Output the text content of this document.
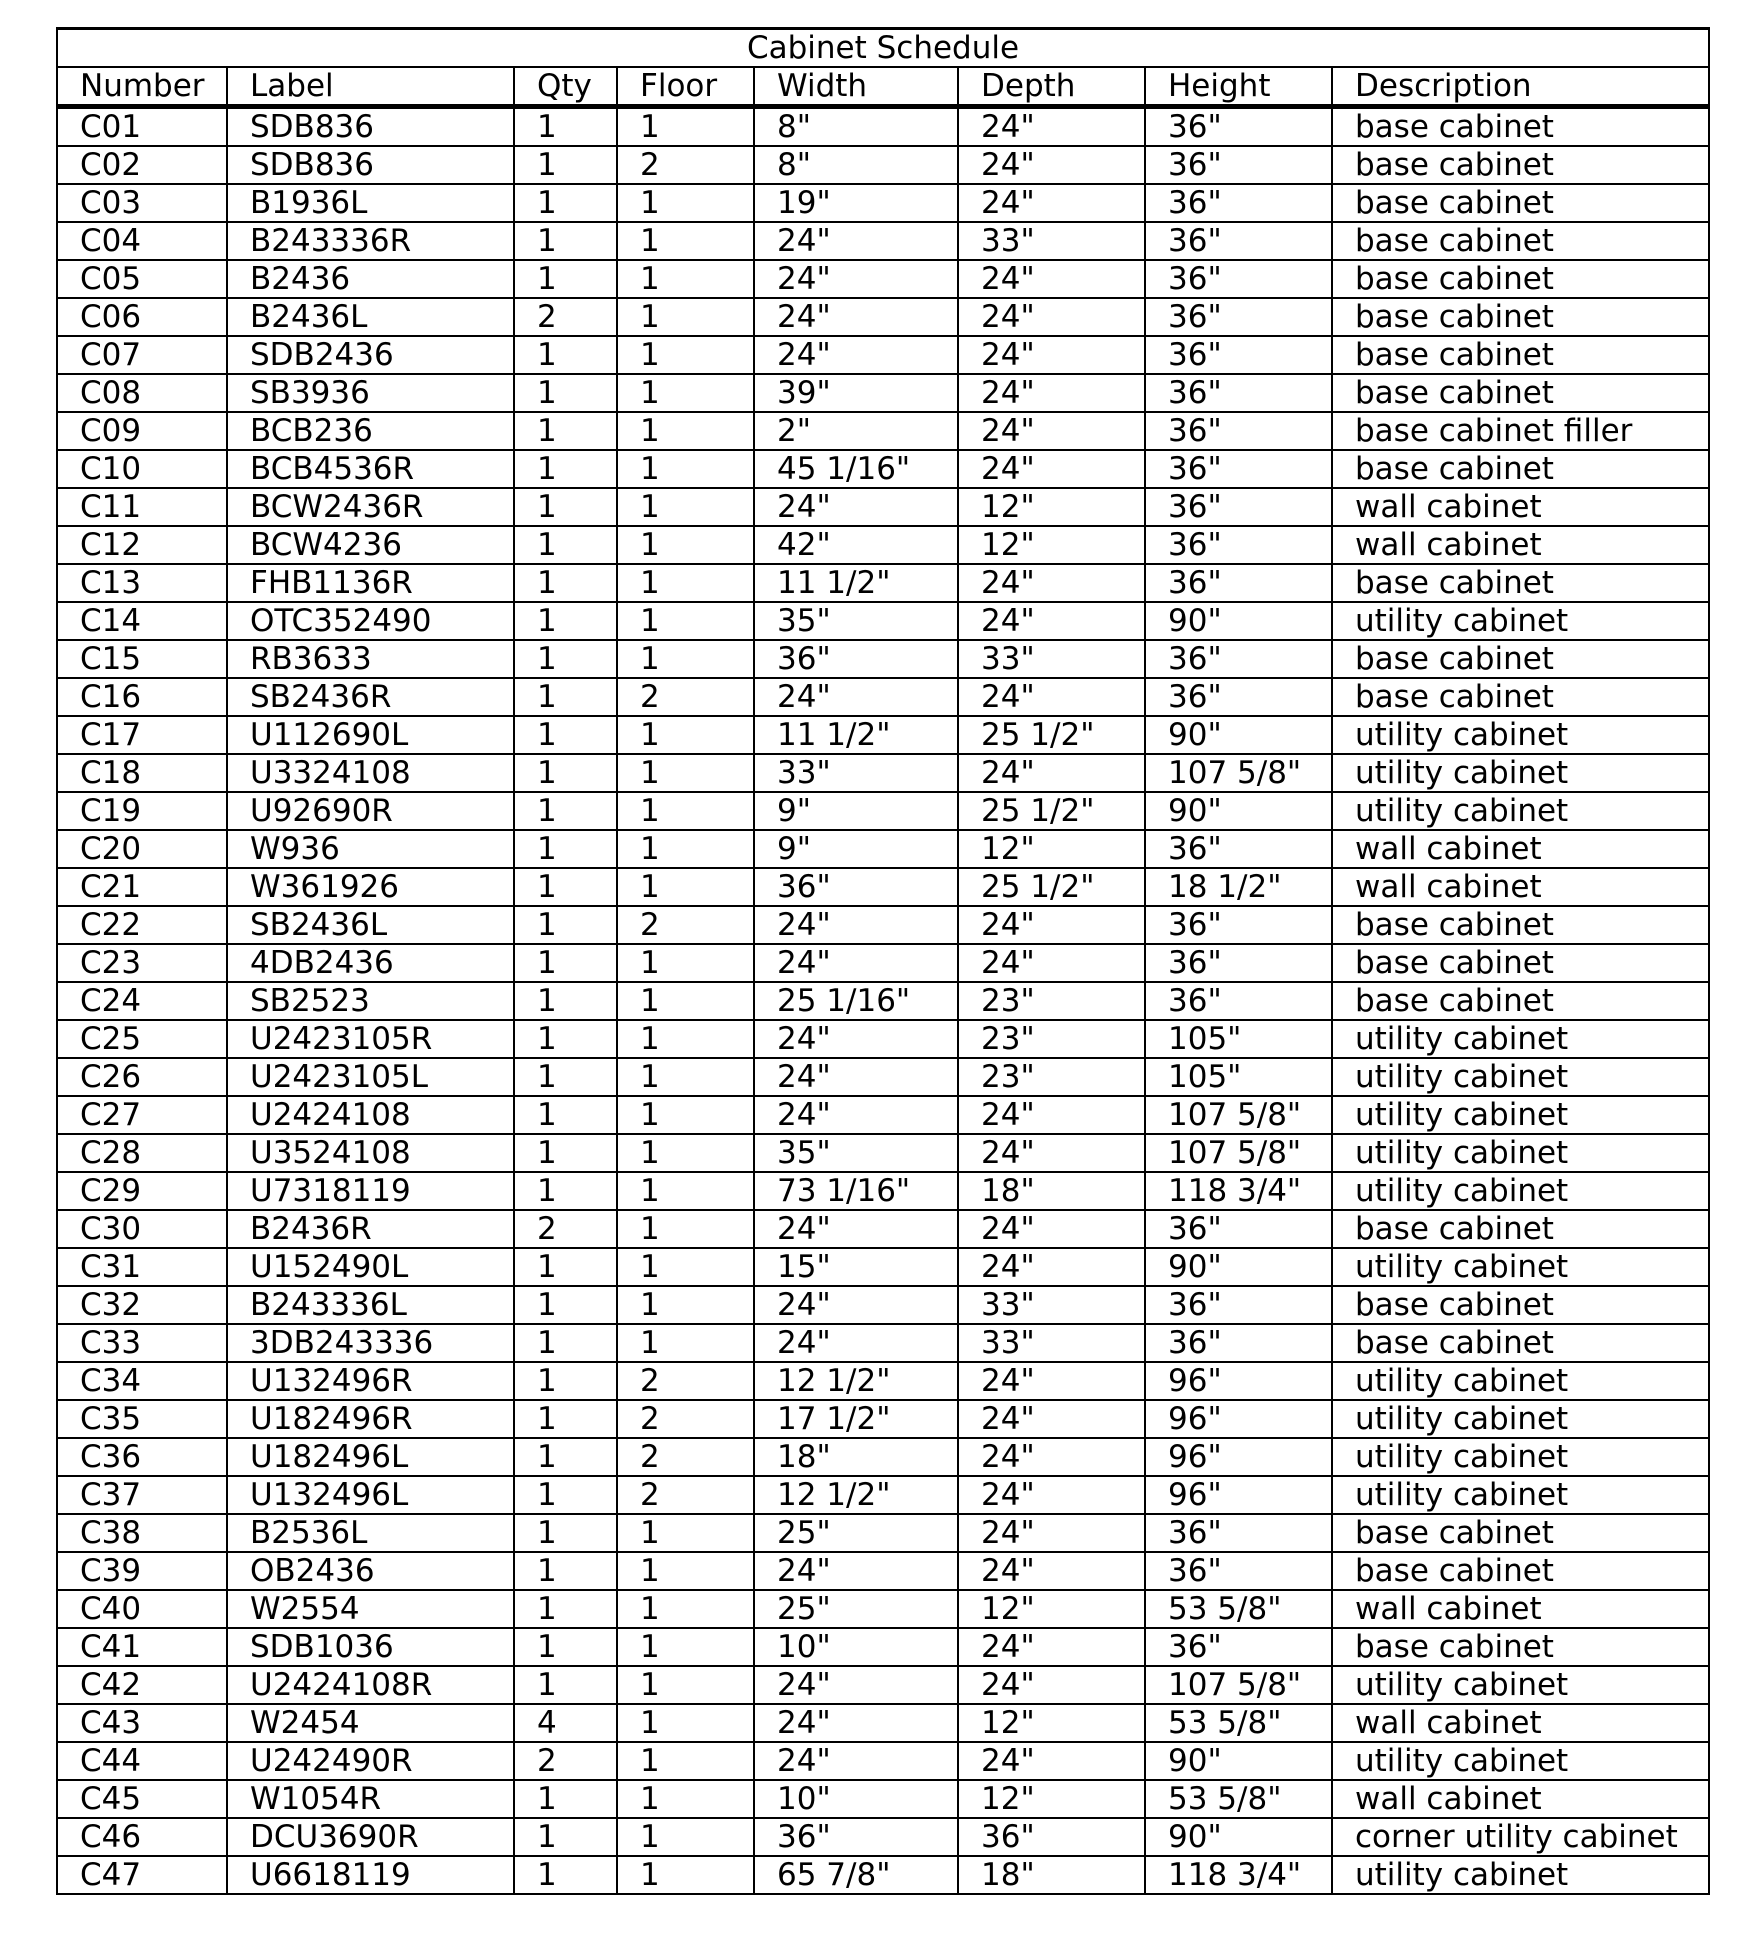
Cabinet Schedule							
Number	Label	Qty	Floor	Width	Depth	Height	Description
C01	SDB836	1	1	8"	24"	36"	base cabinet
C02	SDB836	1	2	8"	24"	36"	base cabinet
C03	B1936L	1	1	19"	24"	36"	base cabinet
C04	B243336R	1	1	24"	33"	36"	base cabinet
C05	B2436	1	1	24"	24"	36"	base cabinet
C06	B2436L	2	1	24"	24"	36"	base cabinet
C07	SDB2436	1	1	24"	24"	36"	base cabinet
C08	SB3936	1	1	39"	24"	36"	base cabinet
C09	BCB236	1	1	2"	24"	36"	base cabinet filler
C10	BCB4536R	1	1	45 1/16"	24"	36"	base cabinet
C11	BCW2436R	1	1	24"	12"	36"	wall cabinet
C12	BCW4236	1	1	42"	12"	36"	wall cabinet
C13	FHB1136R	1	1	11 1/2"	24"	36"	base cabinet
C14	OTC352490	1	1	35"	24"	90"	utility cabinet
C15	RB3633	1	1	36"	33"	36"	base cabinet
C16	SB2436R	1	2	24"	24"	36"	base cabinet
C17	U112690L	1	1	11 1/2"	25 1/2"	90"	utility cabinet
C18	U3324108	1	1	33"	24"	107 5/8"	utility cabinet
C19	U92690R	1	1	9"	25 1/2"	90"	utility cabinet
C20	W936	1	1	9"	12"	36"	wall cabinet
C21	W361926	1	1	36"	25 1/2"	18 1/2"	wall cabinet
C22	SB2436L	1	2	24"	24"	36"	base cabinet
C23	4DB2436	1	1	24"	24"	36"	base cabinet
C24	SB2523	1	1	25 1/16"	23"	36"	base cabinet
C25	U2423105R	1	1	24"	23"	105"	utility cabinet
C26	U2423105L	1	1	24"	23"	105"	utility cabinet
C27	U2424108	1	1	24"	24"	107 5/8"	utility cabinet
C28	U3524108	1	1	35"	24"	107 5/8"	utility cabinet
C29	U7318119	1	1	73 1/16"	18"	118 3/4"	utility cabinet
C30	B2436R	2	1	24"	24"	36"	base cabinet
C31	U152490L	1	1	15"	24"	90"	utility cabinet
C32	B243336L	1	1	24"	33"	36"	base cabinet
C33	3DB243336	1	1	24"	33"	36"	base cabinet
C34	U132496R	1	2	12 1/2"	24"	96"	utility cabinet
C35	U182496R	1	2	17 1/2"	24"	96"	utility cabinet
C36	U182496L	1	2	18"	24"	96"	utility cabinet
C37	U132496L	1	2	12 1/2"	24"	96"	utility cabinet
C38	B2536L	1	1	25"	24"	36"	base cabinet
C39	OB2436	1	1	24"	24"	36"	base cabinet
C40	W2554	1	1	25"	12"	53 5/8"	wall cabinet
C41	SDB1036	1	1	10"	24"	36"	base cabinet
C42	U2424108R	1	1	24"	24"	107 5/8"	utility cabinet
C43	W2454	4	1	24"	12"	53 5/8"	wall cabinet
C44	U242490R	2	1	24"	24"	90"	utility cabinet
C45	W1054R	1	1	10"	12"	53 5/8"	wall cabinet
C46	DCU3690R	1	1	36"	36"	90"	corner utility cabinet
C47	U6618119	1	1	65 7/8"	18"	118 3/4"	utility cabinet
